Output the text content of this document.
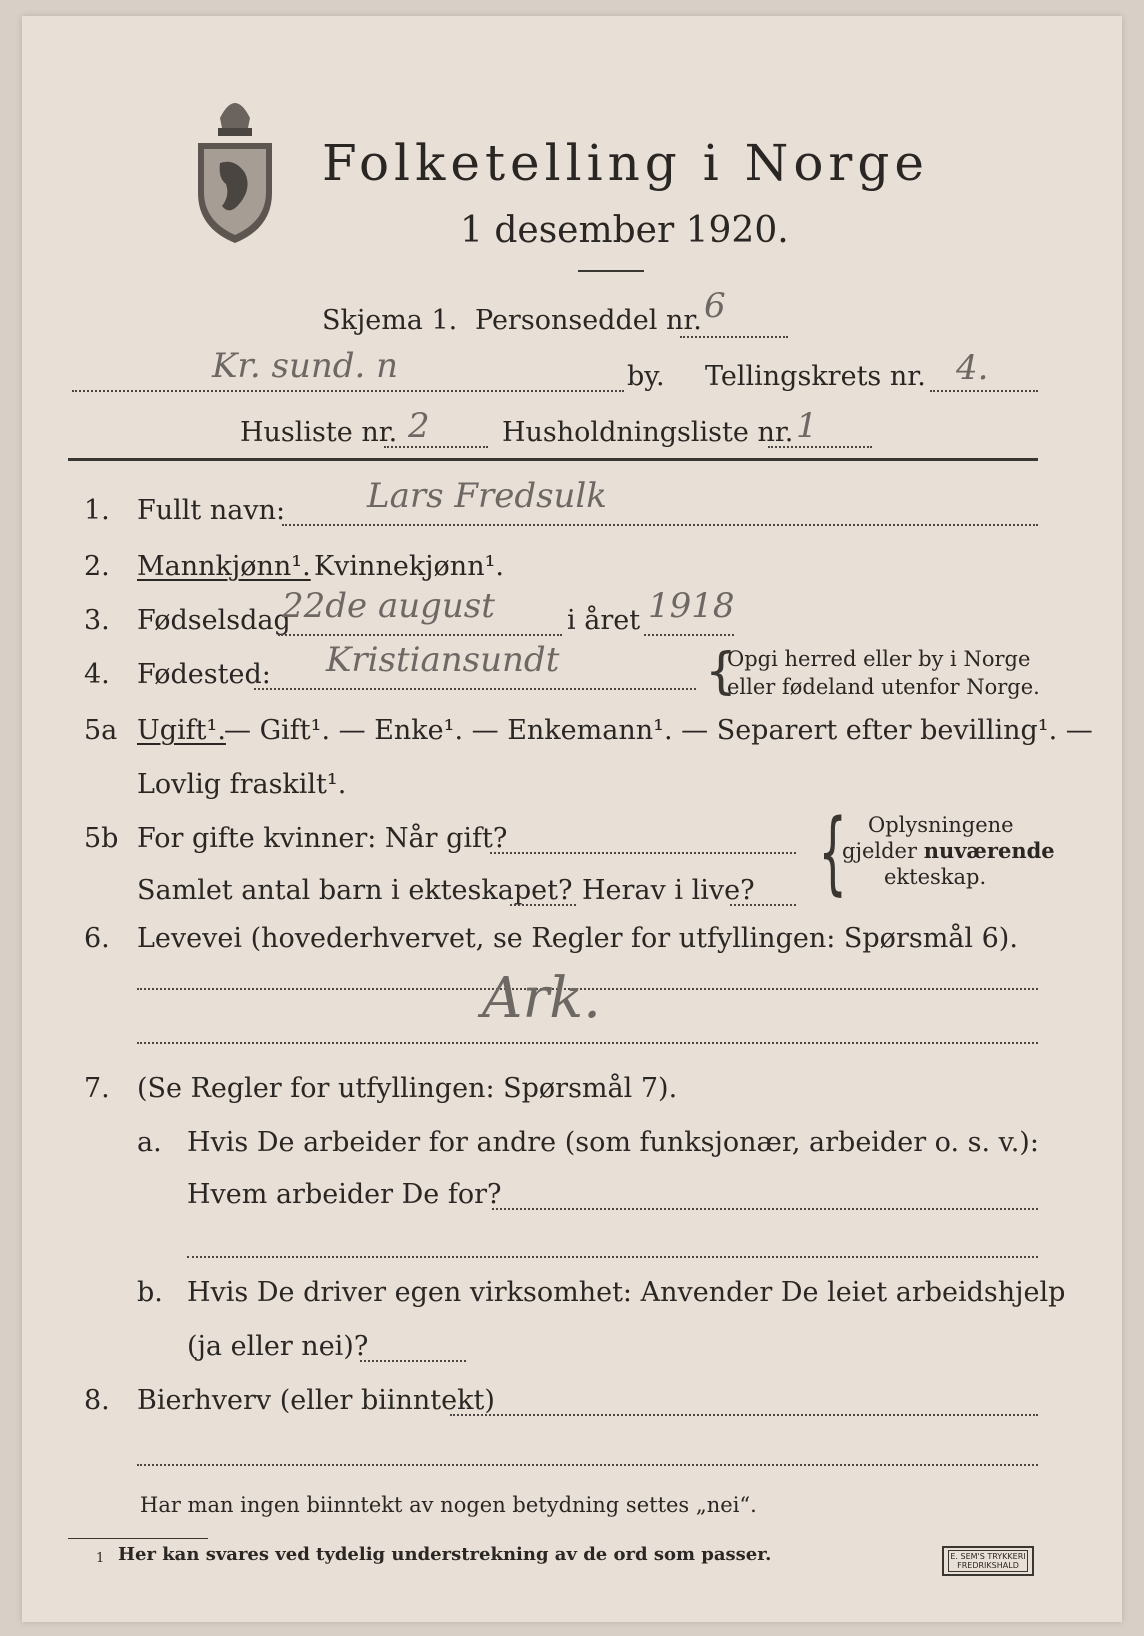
Folketelling i Norge
1 desember 1920.
Skjema 1. Personseddel nr. 6
Kr. sund. n	by. Tellingskrets nr. 4.
Husliste nr. 2	Husholdningsliste nr. 1
1. Fullt navn: Lars Fredsulk
2. Mannkjønn¹. Kvinnekjønn¹.
3. Fødselsdag
22de august	i året 1918
4. Fødested: Kristiansundt	{
Opgi herred eller by i Norge
eller fødeland utenfor Norge.
5a Ugift¹.
— Gift¹. — Enke¹. — Enkemann¹. — Separert efter bevilling¹. —
Lovlig fraskilt¹.
5b For gifte kvinner: Når gift?
Samlet antal barn i ekteskapet? Herav i live? { Oplysningene
gjelder nuværende
ekteskap.
6. Levevei (hovederhvervet, se Regler for utfyllingen: Spørsmål 6).
Ark.
7. (Se Regler for utfyllingen: Spørsmål 7).
a. Hvis De arbeider for andre (som funksjonær, arbeider o. s. v.):
Hvem arbeider De for?
b. Hvis De driver egen virksomhet: Anvender De leiet arbeidshjelp
(ja eller nei)?
8. Bierhverv (eller biinntekt)
Har man ingen biinntekt av nogen betydning settes „nei“.
1 Her kan svares ved tydelig understrekning av de ord som passer.	E. SEM'S TRYKKERI
FREDRIKSHALD
